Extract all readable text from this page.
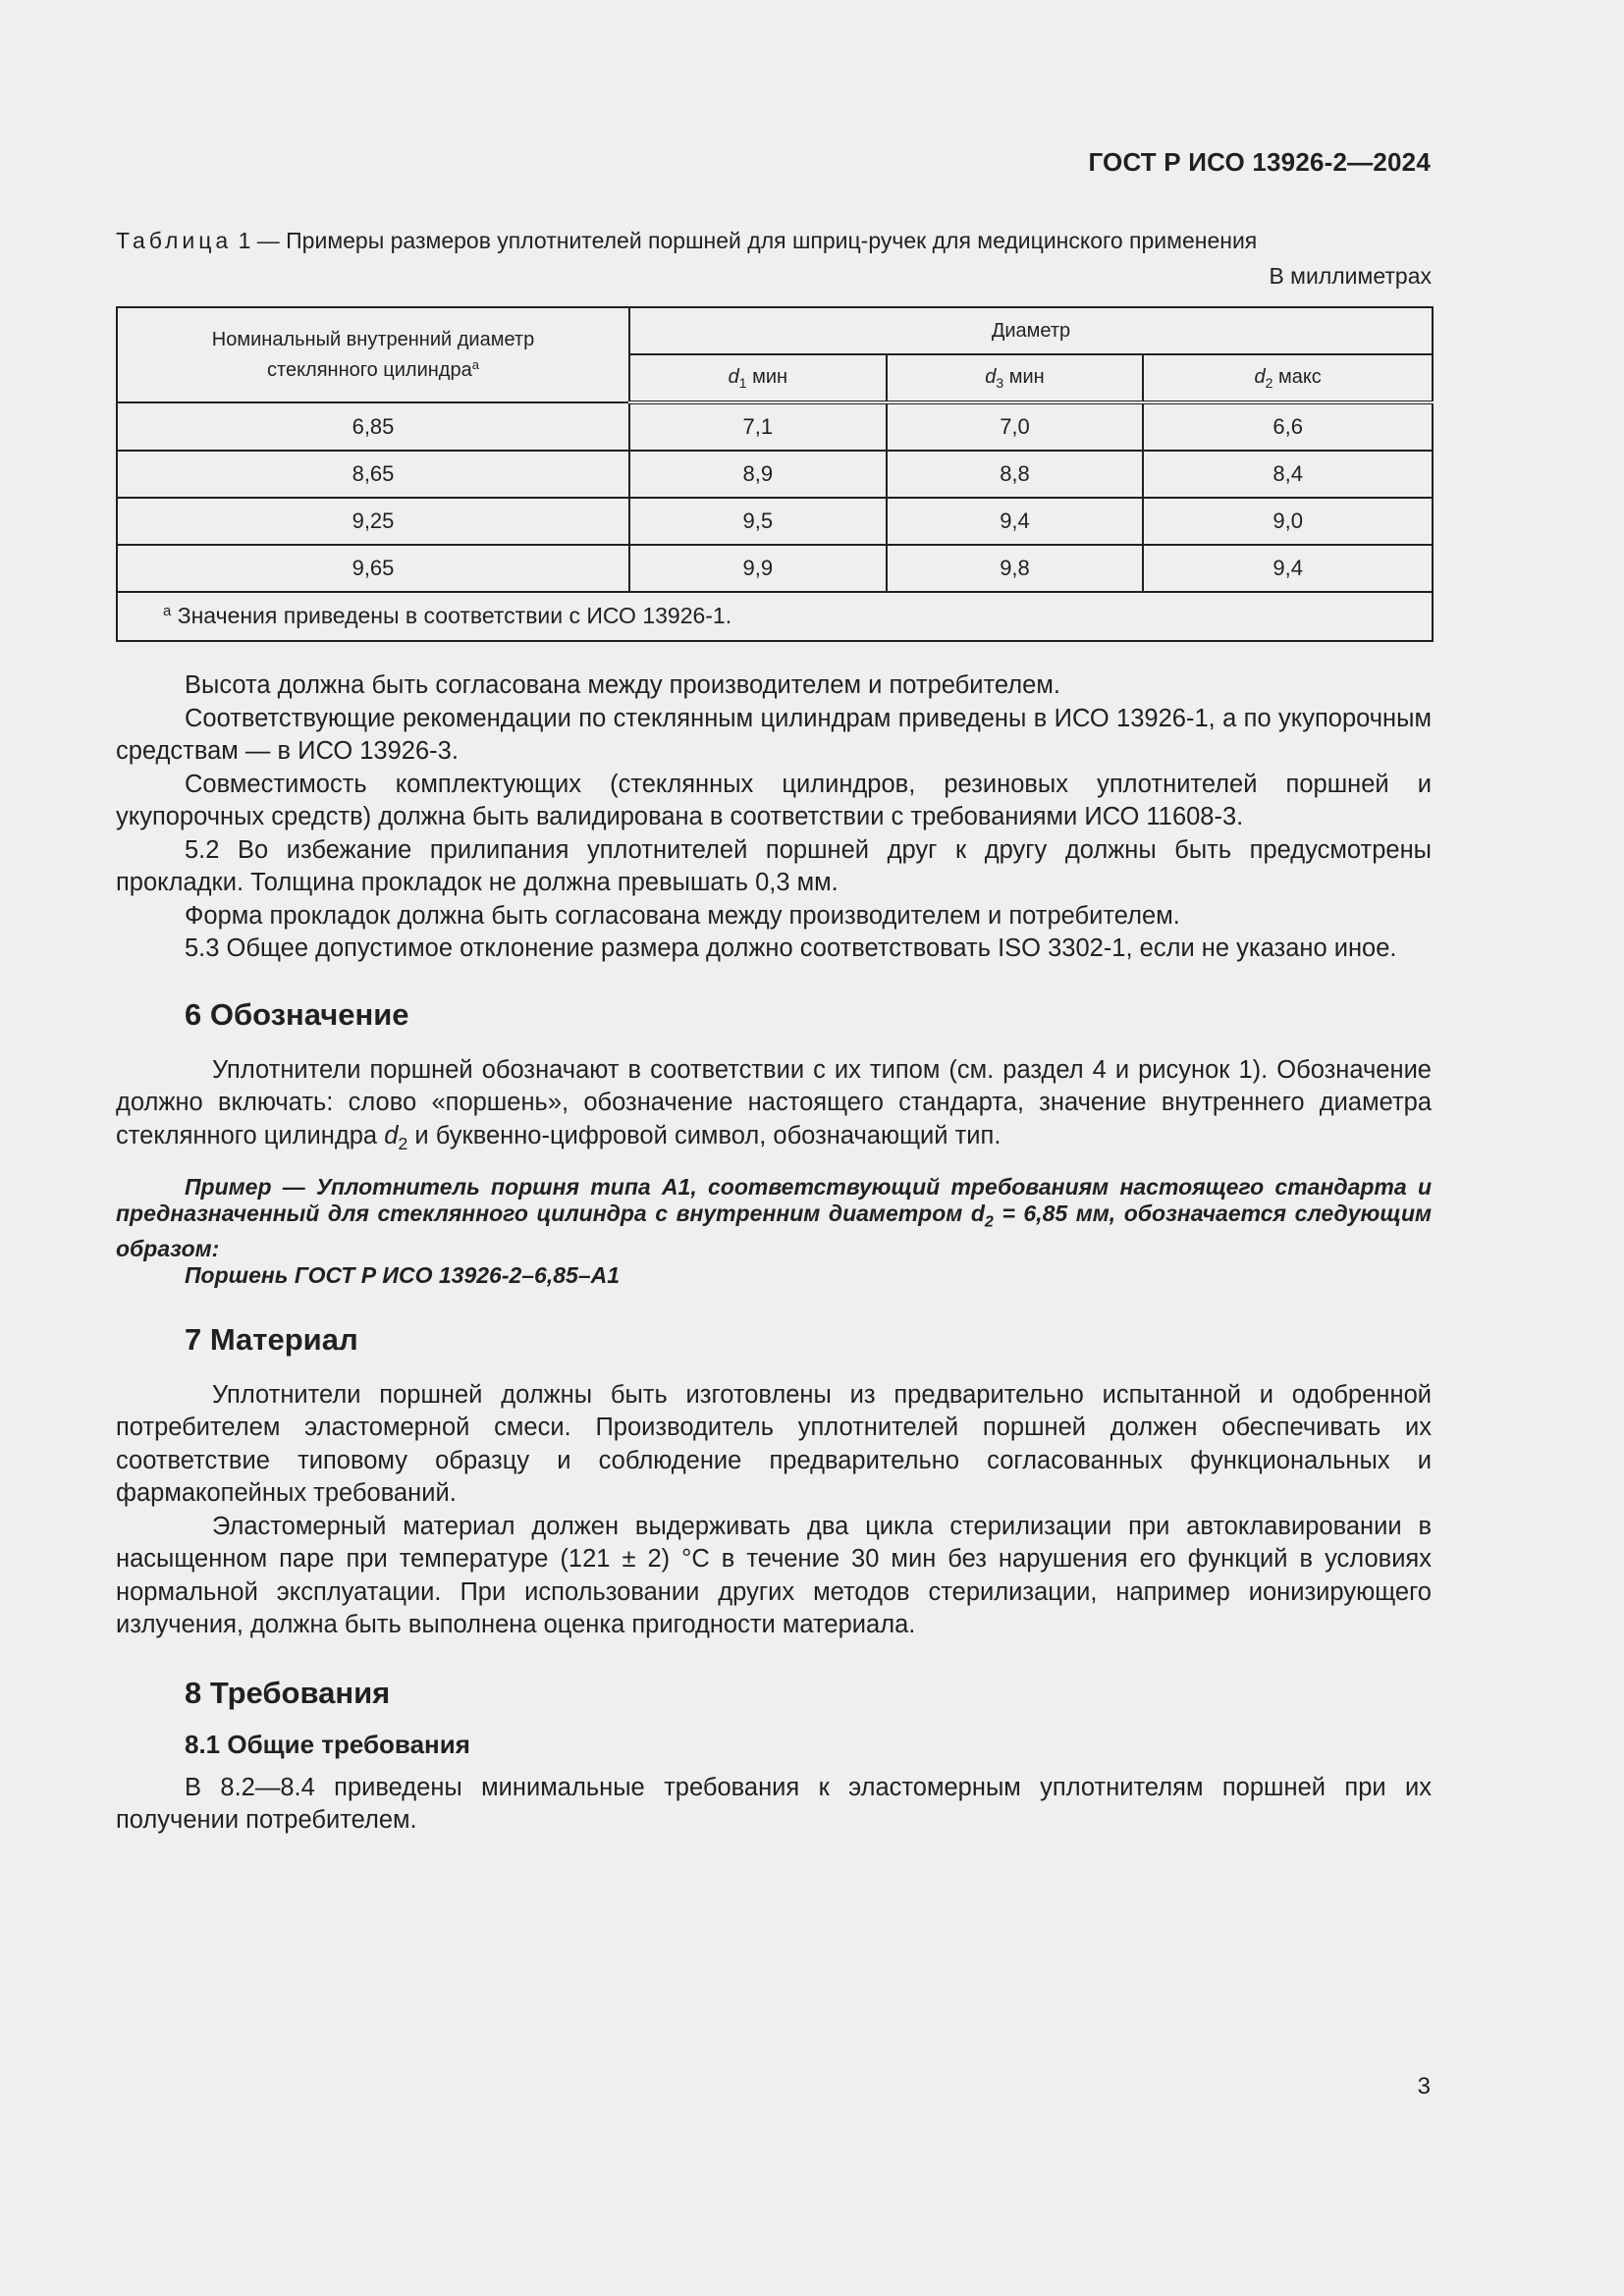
ГОСТ Р ИСО 13926-2—2024
Таблица 1 — Примеры размеров уплотнителей поршней для шприц-ручек для медицинского применения
В миллиметрах
Номинальный внутренний диаметр
стеклянного цилиндра$^a$	Диаметр		
	$d_1$ мин	$d_3$ мин	$d_2$ макс
6,85	7,1	7,0	6,6
8,65	8,9	8,8	8,4
9,25	9,5	9,4	9,0
9,65	9,9	9,8	9,4
$^a$ Значения приведены в соответствии с ИСО 13926-1.			

Высота должна быть согласована между производителем и потребителем.

Соответствующие рекомендации по стеклянным цилиндрам приведены в ИСО 13926-1, а по укупорочным средствам — в ИСО 13926-3.

Совместимость комплектующих (стеклянных цилиндров, резиновых уплотнителей поршней и укупорочных средств) должна быть валидирована в соответствии с требованиями ИСО 11608-3.

5.2 Во избежание прилипания уплотнителей поршней друг к другу должны быть предусмотрены прокладки. Толщина прокладок не должна превышать 0,3 мм.

Форма прокладок должна быть согласована между производителем и потребителем.

5.3 Общее допустимое отклонение размера должно соответствовать ISO 3302-1, если не указано иное.

6 Обозначение

Уплотнители поршней обозначают в соответствии с их типом (см. раздел 4 и рисунок 1). Обозначение должно включать: слово «поршень», обозначение настоящего стандарта, значение внутреннего диаметра стеклянного цилиндра $d_2$ и буквенно-цифровой символ, обозначающий тип.

Пример — Уплотнитель поршня типа А1, соответствующий требованиям настоящего стандарта и предназначенный для стеклянного цилиндра с внутренним диаметром $d_2 = 6,85$ мм, обозначается следующим образом:

Поршень ГОСТ Р ИСО 13926-2–6,85–А1

7 Материал

Уплотнители поршней должны быть изготовлены из предварительно испытанной и одобренной потребителем эластомерной смеси. Производитель уплотнителей поршней должен обеспечивать их соответствие типовому образцу и соблюдение предварительно согласованных функциональных и фармакопейных требований.

Эластомерный материал должен выдерживать два цикла стерилизации при автоклавировании в насыщенном паре при температуре (121 ± 2) °С в течение 30 мин без нарушения его функций в условиях нормальной эксплуатации. При использовании других методов стерилизации, например ионизирующего излучения, должна быть выполнена оценка пригодности материала.

8 Требования
8.1 Общие требования

В 8.2—8.4 приведены минимальные требования к эластомерным уплотнителям поршней при их получении потребителем.

3
